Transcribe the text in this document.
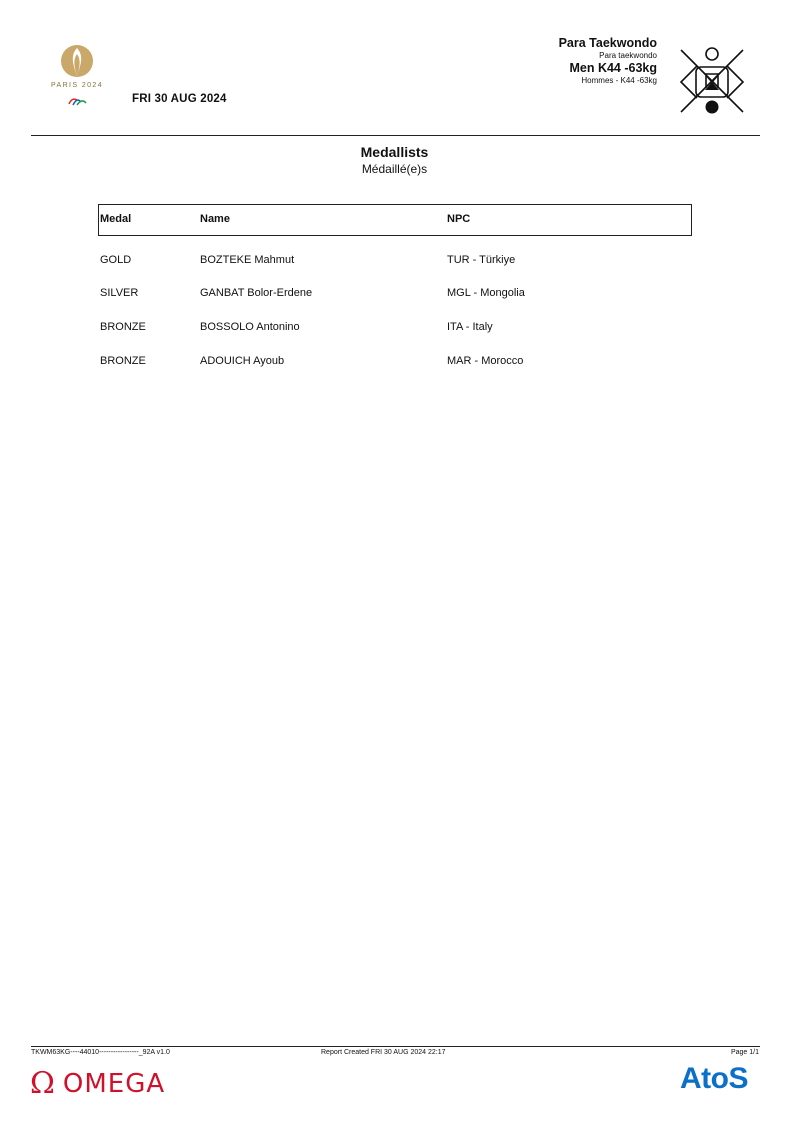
PARIS 2024
FRI 30 AUG 2024
Para Taekwondo
Para taekwondo
Men K44 -63kg
Hommes - K44 -63kg
Medallists
Médaillé(e)s
Medal	Name	NPC
GOLD	BOZTEKE Mahmut	TUR - Türkiye
SILVER	GANBAT Bolor-Erdene	MGL - Mongolia
BRONZE	BOSSOLO Antonino	ITA - Italy
BRONZE	ADOUICH Ayoub	MAR - Morocco
TKWM63KG----44010-----------------_92A v1.0	Report Created FRI 30 AUG 2024 22:17	Page 1/1
Ω OMEGA	AtoS
